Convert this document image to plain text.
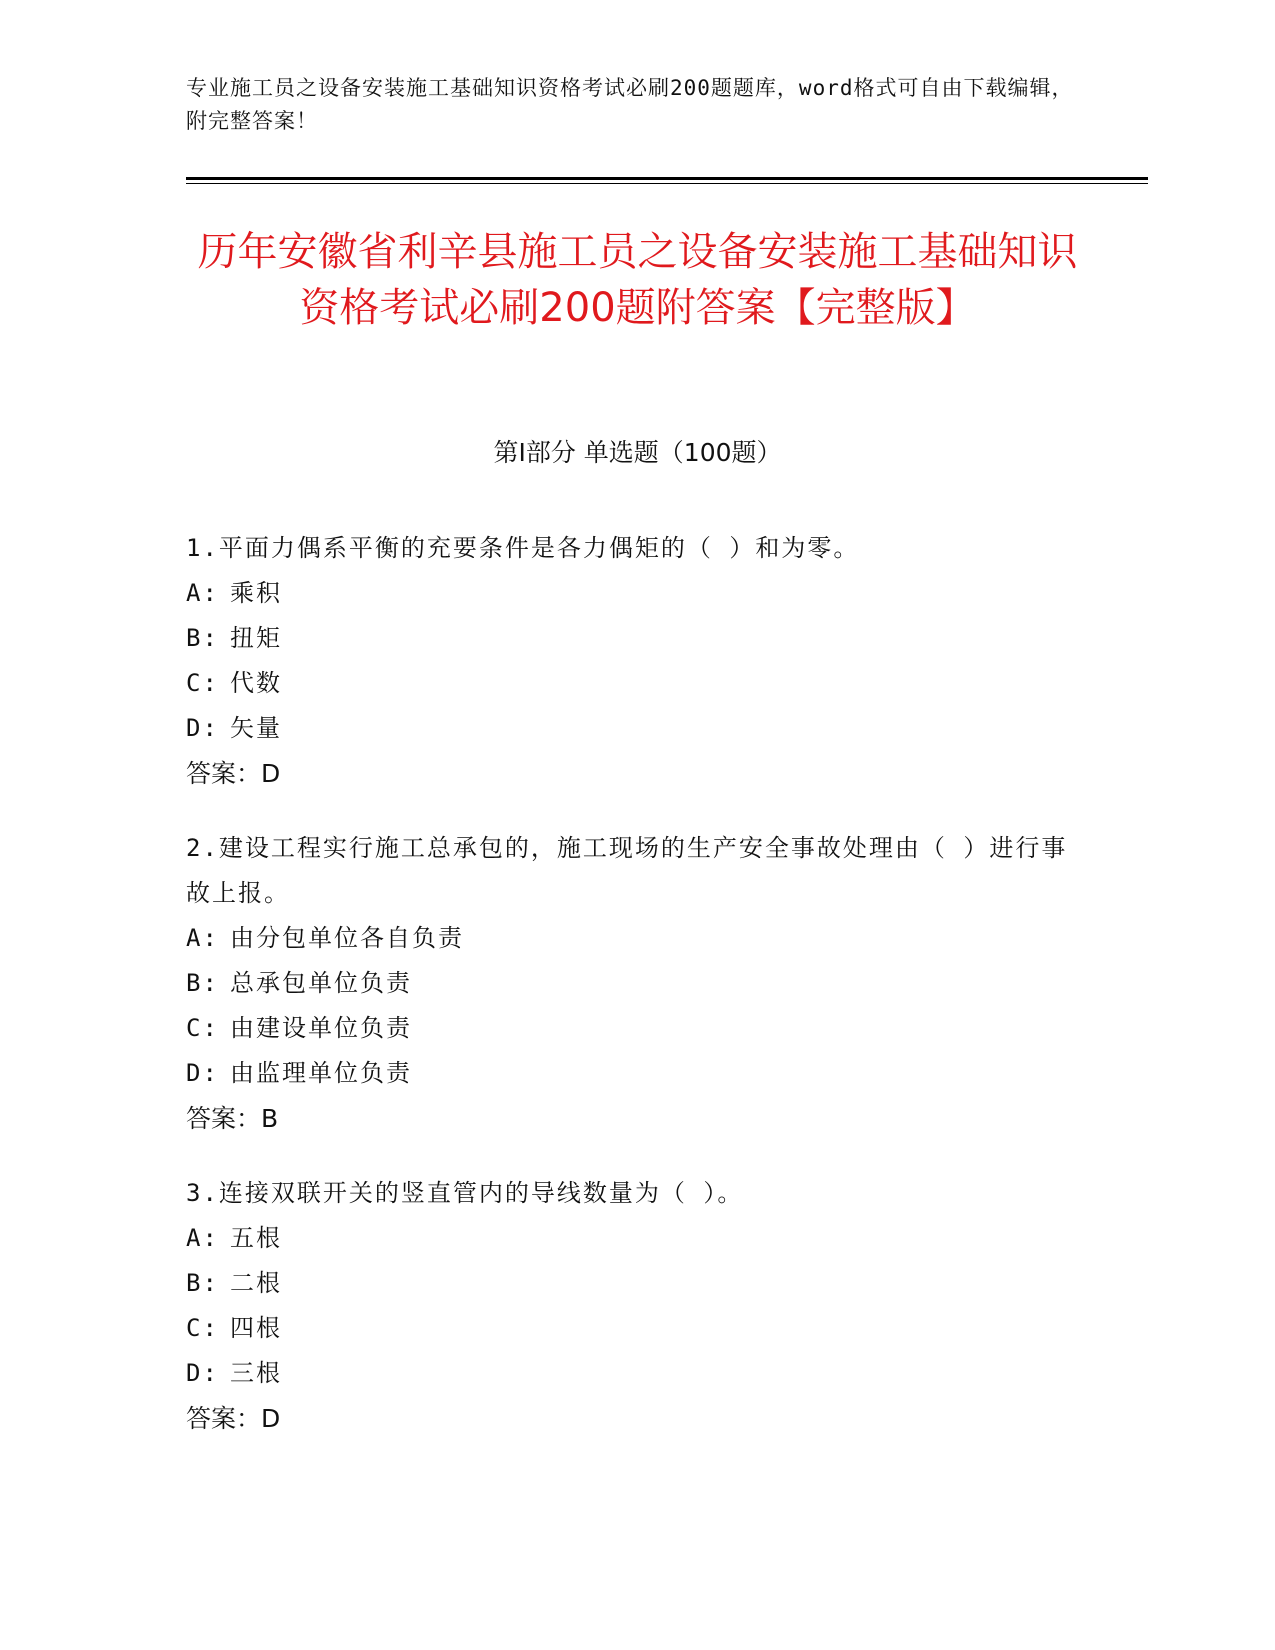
专业施工员之设备安装施工基础知识资格考试必刷200题题库，word格式可自由下载编辑，附完整答案！
历年安徽省利辛县施工员之设备安装施工基础知识资格考试必刷200题附答案【完整版】
第I部分 单选题（100题）
1.平面力偶系平衡的充要条件是各力偶矩的（ ）和为零。
A: 乘积
B: 扭矩
C: 代数
D: 矢量
答案：D
2.建设工程实行施工总承包的，施工现场的生产安全事故处理由（ ）进行事故上报。
A: 由分包单位各自负责
B: 总承包单位负责
C: 由建设单位负责
D: 由监理单位负责
答案：B
3.连接双联开关的竖直管内的导线数量为（ ）。
A: 五根
B: 二根
C: 四根
D: 三根
答案：D
